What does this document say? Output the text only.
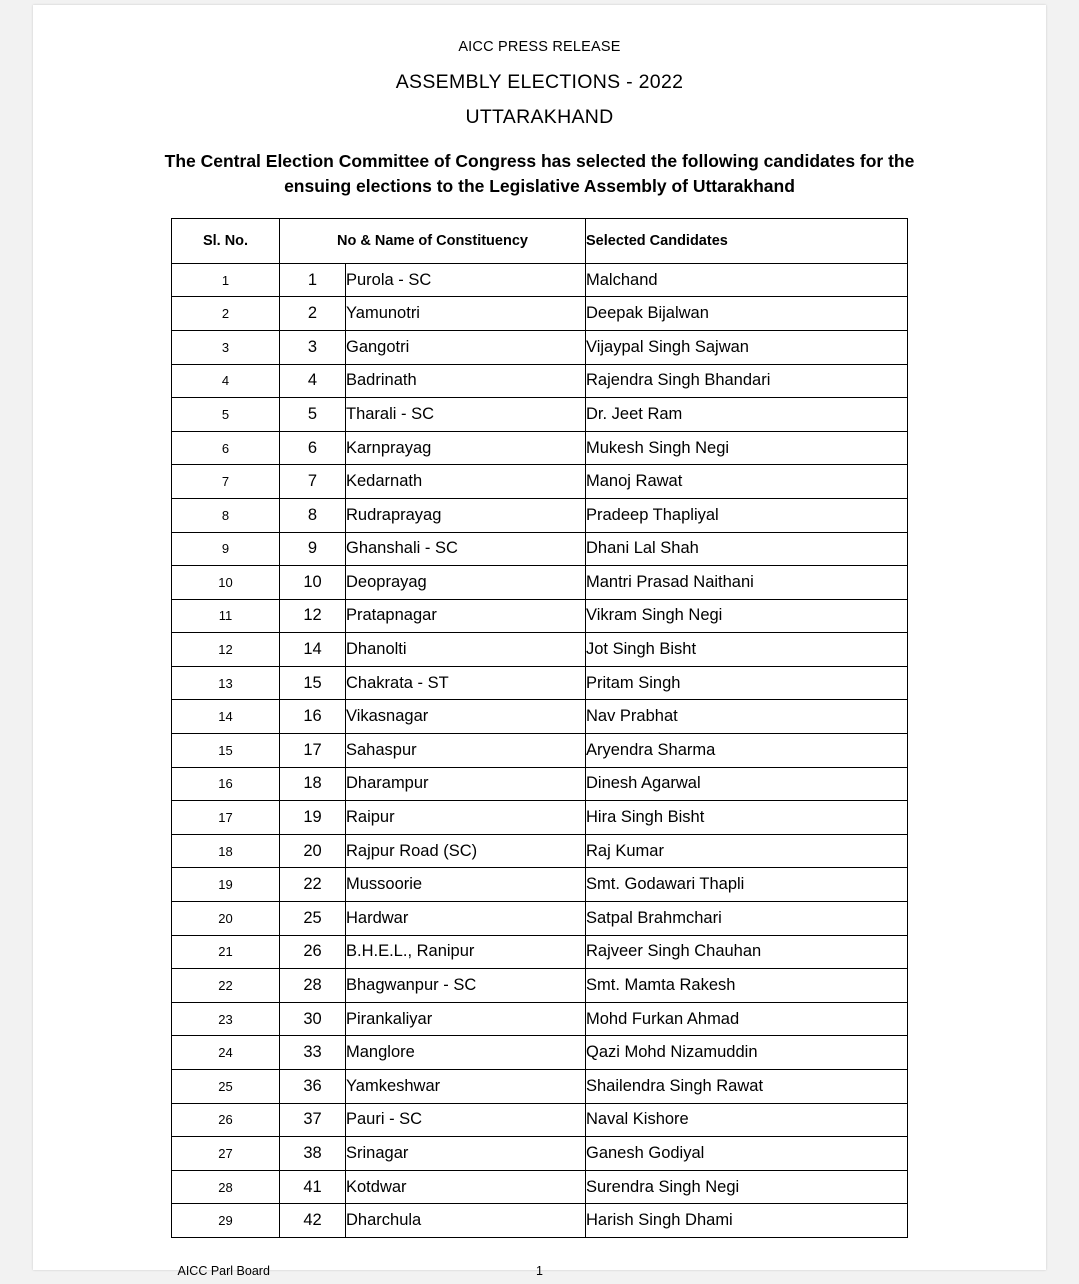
AICC PRESS RELEASE
ASSEMBLY ELECTIONS - 2022
UTTARAKHAND
The Central Election Committee of Congress has selected the following candidates for the ensuing elections to the Legislative Assembly of Uttarakhand
Sl. No.	No & Name of Constituency		Selected Candidates
1	1	Purola - SC	Malchand
2	2	Yamunotri	Deepak Bijalwan
3	3	Gangotri	Vijaypal Singh Sajwan
4	4	Badrinath	Rajendra Singh Bhandari
5	5	Tharali - SC	Dr. Jeet Ram
6	6	Karnprayag	Mukesh Singh Negi
7	7	Kedarnath	Manoj Rawat
8	8	Rudraprayag	Pradeep Thapliyal
9	9	Ghanshali - SC	Dhani Lal Shah
10	10	Deoprayag	Mantri Prasad Naithani
11	12	Pratapnagar	Vikram Singh Negi
12	14	Dhanolti	Jot Singh Bisht
13	15	Chakrata - ST	Pritam Singh
14	16	Vikasnagar	Nav Prabhat
15	17	Sahaspur	Aryendra Sharma
16	18	Dharampur	Dinesh Agarwal
17	19	Raipur	Hira Singh Bisht
18	20	Rajpur Road (SC)	Raj Kumar
19	22	Mussoorie	Smt. Godawari Thapli
20	25	Hardwar	Satpal Brahmchari
21	26	B.H.E.L., Ranipur	Rajveer Singh Chauhan
22	28	Bhagwanpur - SC	Smt. Mamta Rakesh
23	30	Pirankaliyar	Mohd Furkan Ahmad
24	33	Manglore	Qazi Mohd Nizamuddin
25	36	Yamkeshwar	Shailendra Singh Rawat
26	37	Pauri - SC	Naval Kishore
27	38	Srinagar	Ganesh Godiyal
28	41	Kotdwar	Surendra Singh Negi
29	42	Dharchula	Harish Singh Dhami
AICC Parl Board	1
